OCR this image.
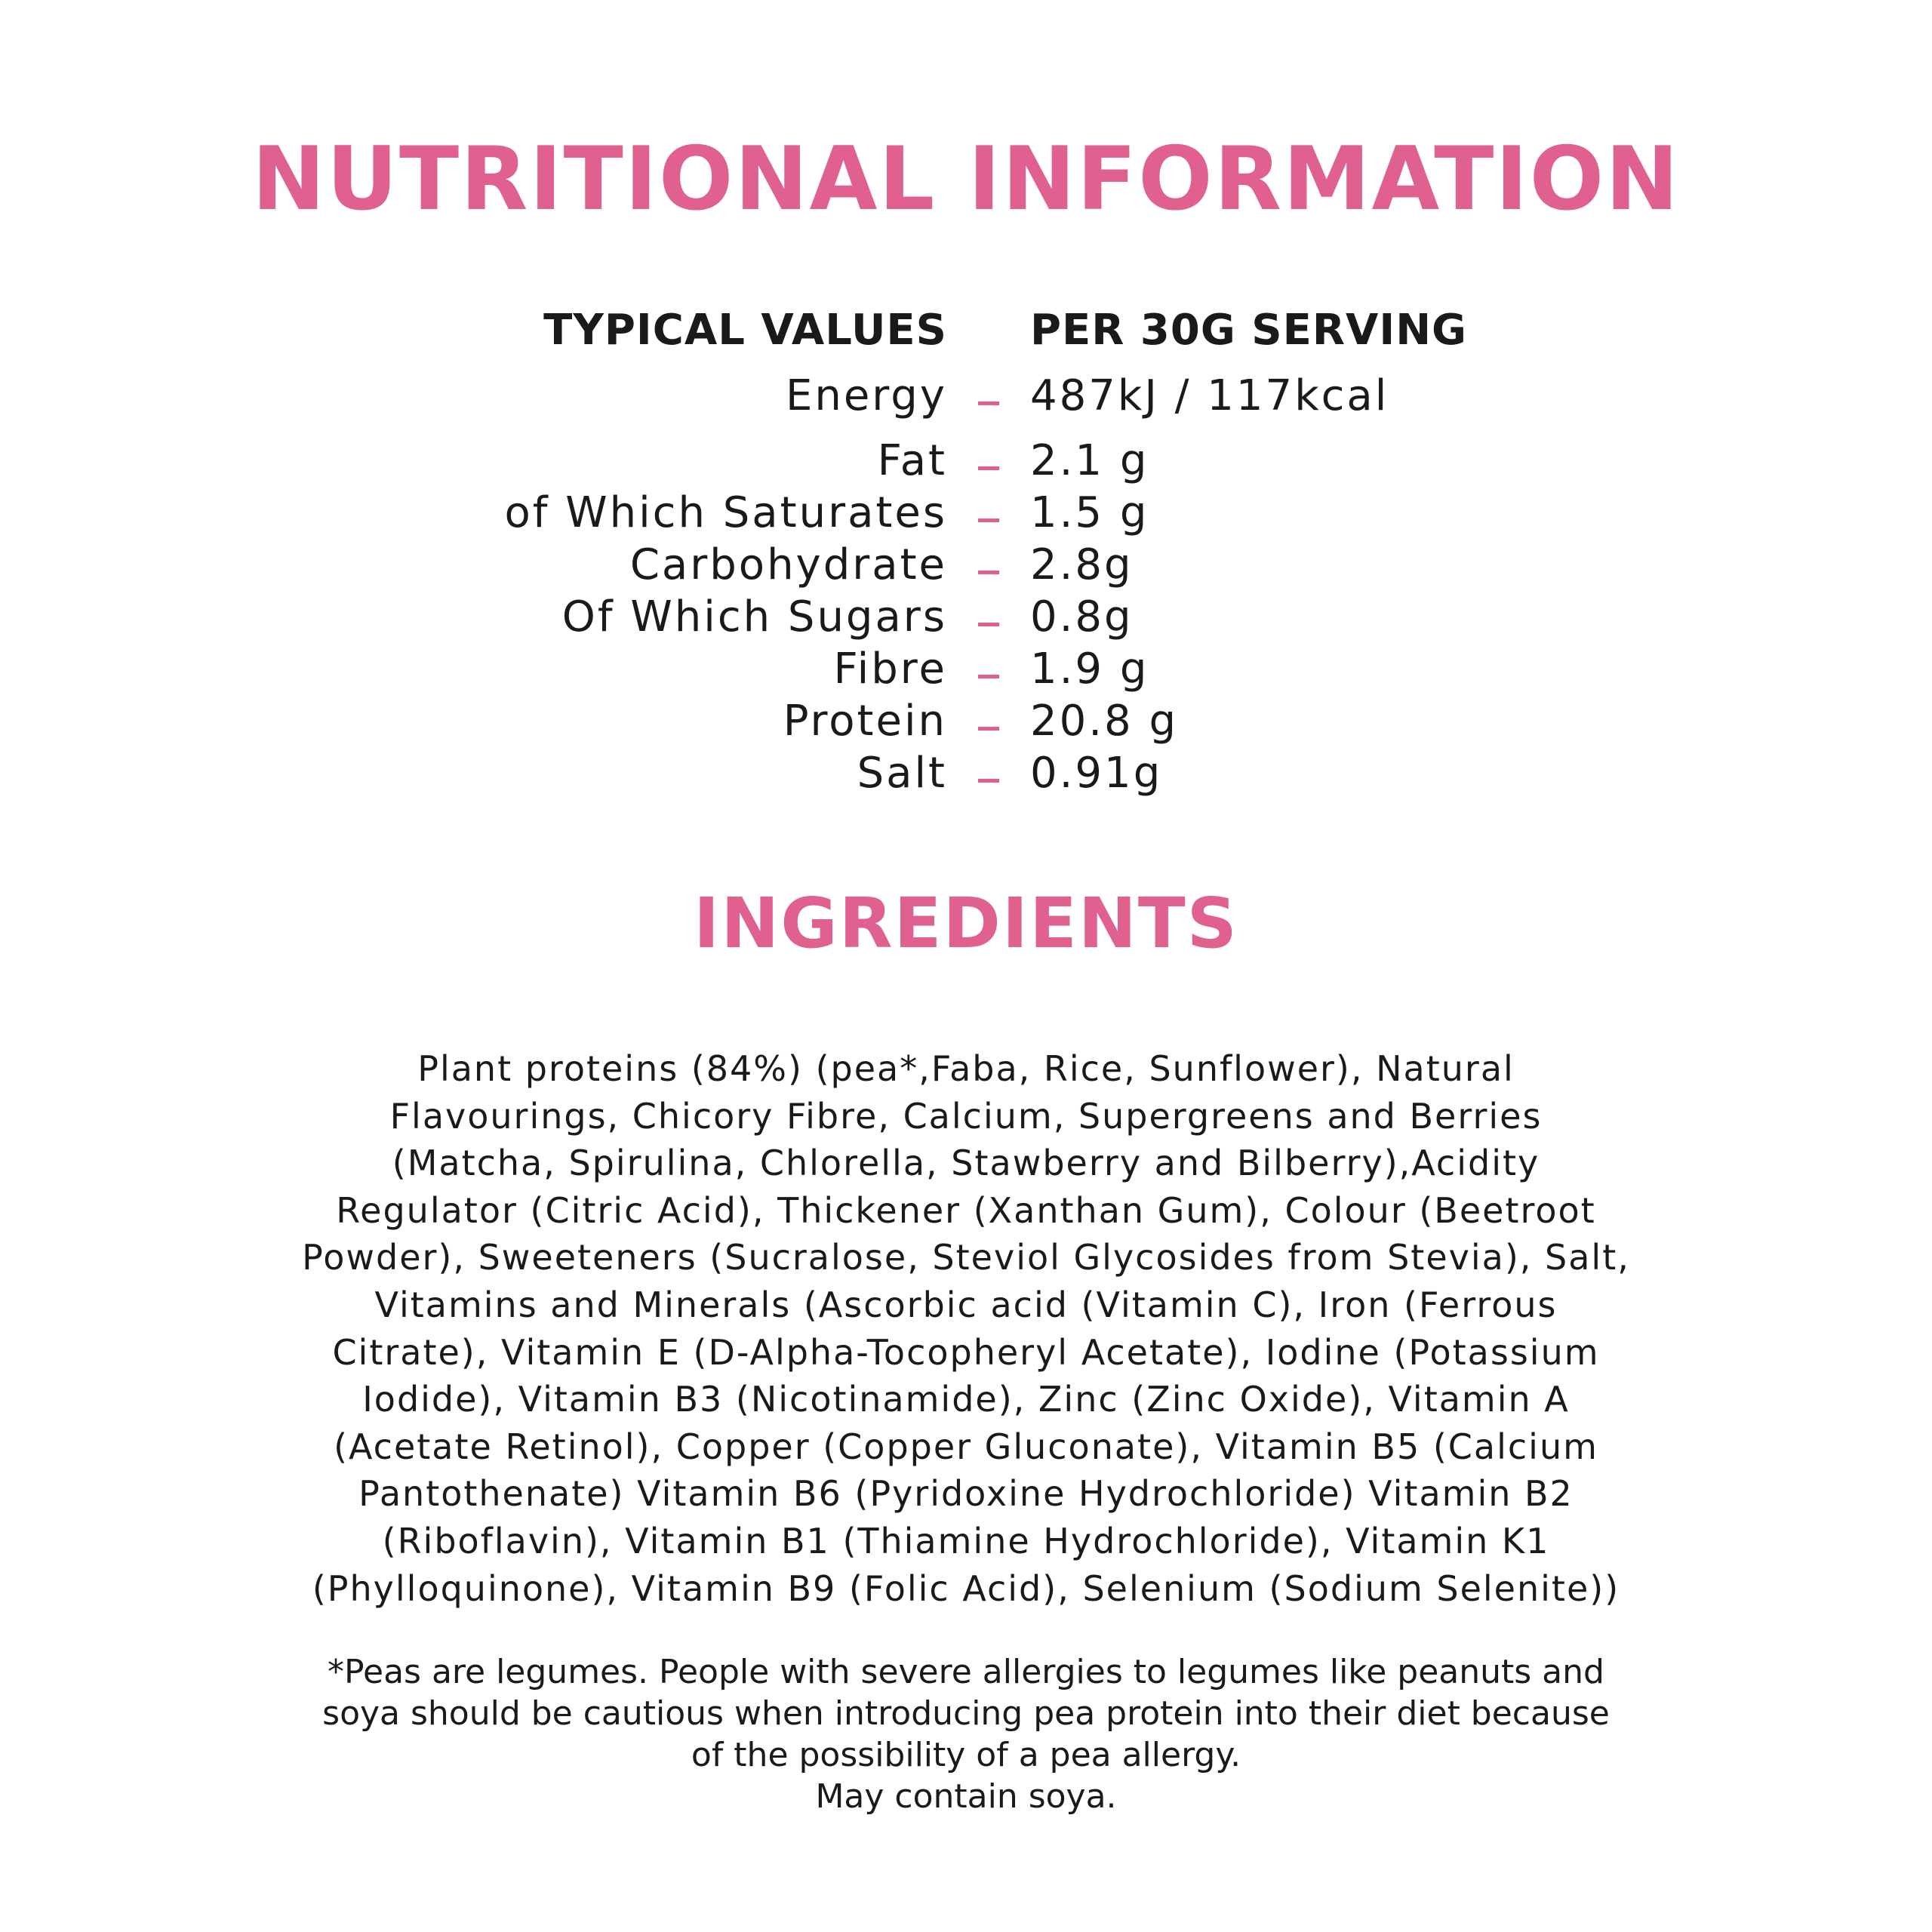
NUTRITIONAL INFORMATION
TYPICAL VALUES PER 30G SERVING
Energy 487kJ / 117kcal
Fat 2.1 g
of Which Saturates 1.5 g
Carbohydrate 2.8g
Of Which Sugars 0.8g
Fibre 1.9 g
Protein 20.8 g
Salt 0.91g
INGREDIENTS

Plant proteins (84%) (pea*,Faba, Rice, Sunflower), Natural Flavourings, Chicory Fibre, Calcium, Supergreens and Berries (Matcha, Spirulina, Chlorella, Stawberry and Bilberry),Acidity Regulator (Citric Acid), Thickener (Xanthan Gum), Colour (Beetroot Powder), Sweeteners (Sucralose, Steviol Glycosides from Stevia), Salt, Vitamins and Minerals (Ascorbic acid (Vitamin C), Iron (Ferrous Citrate), Vitamin E (D-Alpha-Tocopheryl Acetate), Iodine (Potassium Iodide), Vitamin B3 (Nicotinamide), Zinc (Zinc Oxide), Vitamin A (Acetate Retinol), Copper (Copper Gluconate), Vitamin B5 (Calcium Pantothenate) Vitamin B6 (Pyridoxine Hydrochloride) Vitamin B2 (Riboflavin), Vitamin B1 (Thiamine Hydrochloride), Vitamin K1 (Phylloquinone), Vitamin B9 (Folic Acid), Selenium (Sodium Selenite))

*Peas are legumes. People with severe allergies to legumes like peanuts and soya should be cautious when introducing pea protein into their diet because of the possibility of a pea allergy.
May contain soya.
